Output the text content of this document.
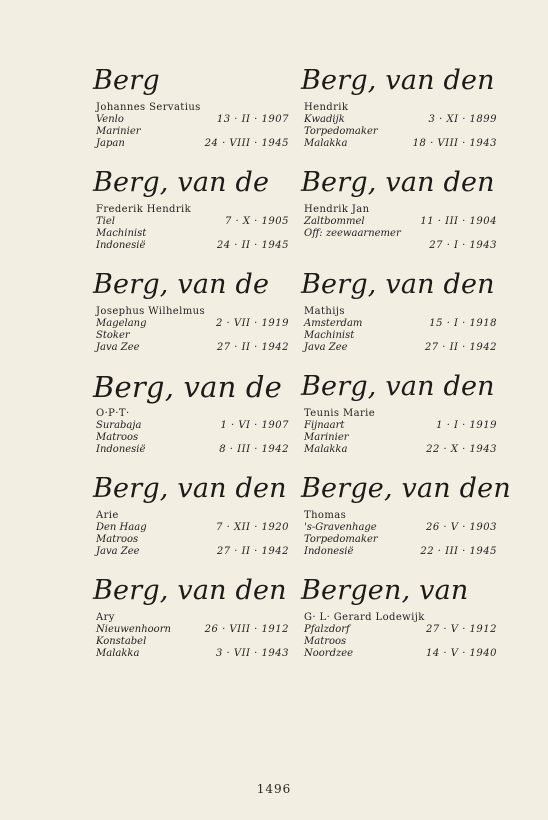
Berg
Johannes Servatius
Venlo	13 · II · 1907
Marinier
Japan	24 · VIII · 1945
Berg, van de
Frederik Hendrik
Tiel	7 · X · 1905
Machinist
Indonesië	24 · II · 1945
Berg, van de
Josephus Wilhelmus
Magelang	2 · VII · 1919
Stoker
Java Zee	27 · II · 1942
Berg, van de
O·P·T·
Surabaja	1 · VI · 1907
Matroos
Indonesië	8 · III · 1942
Berg, van den
Arie
Den Haag	7 · XII · 1920
Matroos
Java Zee	27 · II · 1942
Berg, van den
Ary
Nieuwenhoorn	26 · VIII · 1912
Konstabel
Malakka	3 · VII · 1943
Berg, van den
Hendrik
Kwadijk	3 · XI · 1899
Torpedomaker
Malakka	18 · VIII · 1943
Berg, van den
Hendrik Jan
Zaltbommel	11 · III · 1904
Off: zeewaarnemer
27 · I · 1943
Berg, van den
Mathijs
Amsterdam	15 · I · 1918
Machinist
Java Zee	27 · II · 1942
Berg, van den
Teunis Marie
Fijnaart	1 · I · 1919
Marinier
Malakka	22 · X · 1943
Berge, van den
Thomas
's-Gravenhage	26 · V · 1903
Torpedomaker
Indonesië	22 · III · 1945
Bergen, van
G· L· Gerard Lodewijk
Pfalzdorf	27 · V · 1912
Matroos
Noordzee	14 · V · 1940
1496
